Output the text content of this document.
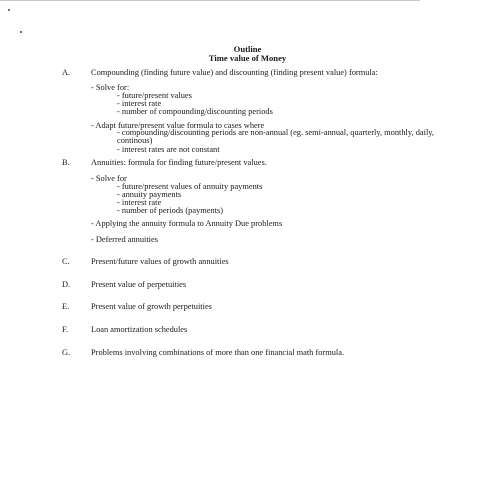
Outline
Time value of Money
A. Compounding (finding future value) and discounting (finding present value) formula:
- Solve for:
- future/present values
- interest rate
- number of compounding/discounting periods
- Adapt future/present value formula to cases where
- compounding/discounting periods are non-annual (eg. semi-annual, quarterly, monthly, daily, continous)
- interest rates are not constant
B.	Annuities: formula for finding future/present values.
- Solve for
- future/present values of annuity payments
- annuity payments
- interest rate
- number of periods (payments)
- Applying the annuity formula to Annuity Due problems
- Deferred annuities
C.	Present/future values of growth annuities
D. Present value of perpetuities
E.	Present value of growth perpetuities
F.	Loan amortization schedules
G. Problems involving combinations of more than one financial math formula.
